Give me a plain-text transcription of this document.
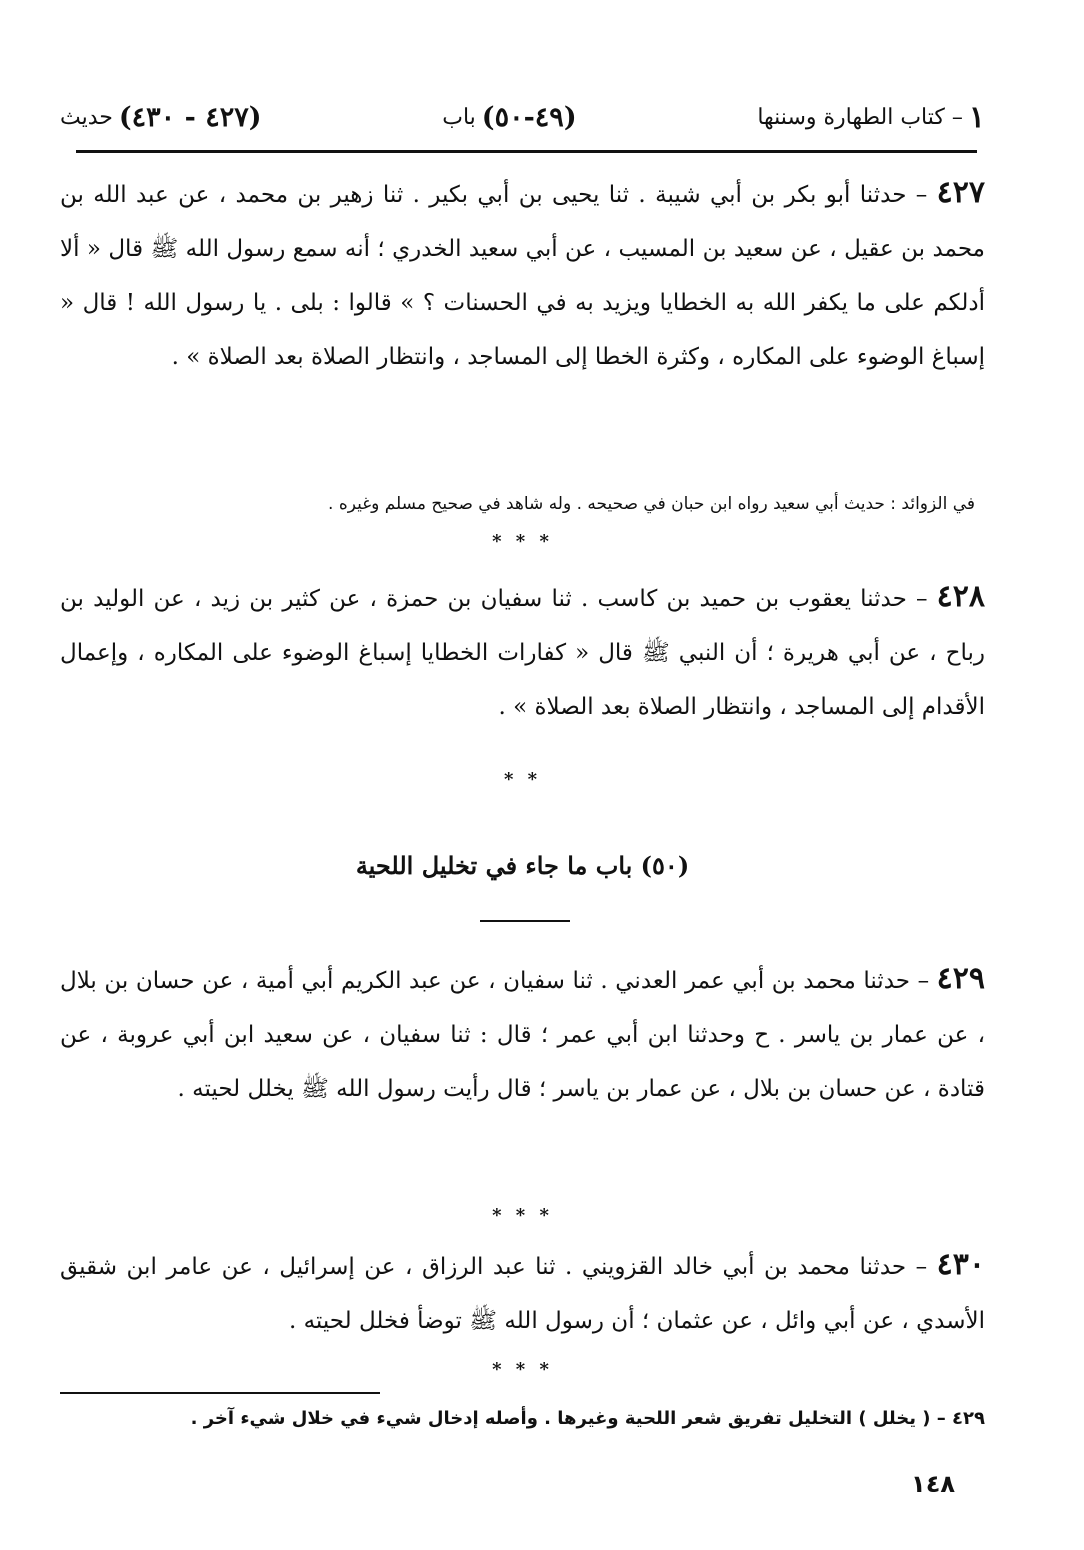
١
– كتاب الطهارة وسننها
(٤٩-٥٠)
باب
(٤٢٧ - ٤٣٠)
حديث
٤٢٧ – حدثنا أبو بكر بن أبي شيبة . ثنا يحيى بن أبي بكير . ثنا زهير بن محمد ، عن عبد الله بن محمد بن عقيل ، عن سعيد بن المسيب ، عن أبي سعيد الخدري ؛ أنه سمع رسول الله ﷺ قال « ألا أدلكم على ما يكفر الله به الخطايا ويزيد به في الحسنات ؟ » قالوا : بلى . يا رسول الله ! قال « إسباغ الوضوء على المكاره ، وكثرة الخطا إلى المساجد ، وانتظار الصلاة بعد الصلاة » .
في الزوائد : حديث أبي سعيد رواه ابن حبان في صحيحه . وله شاهد في صحيح مسلم وغيره .
* * *
٤٢٨ – حدثنا يعقوب بن حميد بن كاسب . ثنا سفيان بن حمزة ، عن كثير بن زيد ، عن الوليد بن رباح ، عن أبي هريرة ؛ أن النبي ﷺ قال « كفارات الخطايا إسباغ الوضوء على المكاره ، وإعمال الأقدام إلى المساجد ، وانتظار الصلاة بعد الصلاة » .
* *
(٥٠) باب ما جاء في تخليل اللحية
٤٢٩ – حدثنا محمد بن أبي عمر العدني . ثنا سفيان ، عن عبد الكريم أبي أمية ، عن حسان بن بلال ، عن عمار بن ياسر . ح وحدثنا ابن أبي عمر ؛ قال : ثنا سفيان ، عن سعيد ابن أبي عروبة ، عن قتادة ، عن حسان بن بلال ، عن عمار بن ياسر ؛ قال رأيت رسول الله ﷺ يخلل لحيته .
* * *
٤٣٠ – حدثنا محمد بن أبي خالد القزويني . ثنا عبد الرزاق ، عن إسرائيل ، عن عامر ابن شقيق الأسدي ، عن أبي وائل ، عن عثمان ؛ أن رسول الله ﷺ توضأ فخلل لحيته .
* * *
٤٢٩ – ( يخلل ) التخليل تفريق شعر اللحية وغيرها . وأصله إدخال شيء في خلال شيء آخر .
١٤٨
